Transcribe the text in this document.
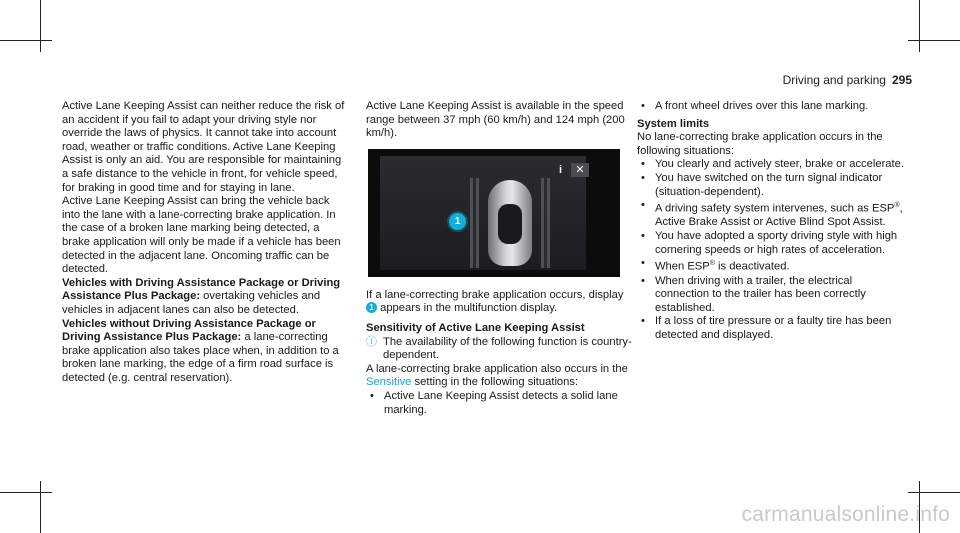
Driving and parking 295

Active Lane Keeping Assist can neither reduce the risk of an accident if you fail to adapt your driving style nor override the laws of physics. It cannot take into account road, weather or traffic conditions. Active Lane Keeping Assist is only an aid. You are responsible for maintaining a safe distance to the vehicle in front, for vehicle speed, for braking in good time and for staying in lane.

Active Lane Keeping Assist can bring the vehicle back into the lane with a lane-correcting brake application. In the case of a broken lane marking being detected, a brake application will only be made if a vehicle has been detected in the adjacent lane. Oncoming traffic can be detected.

Vehicles with Driving Assistance Package or Driving Assistance Plus Package: overtaking vehicles and vehicles in adjacent lanes can also be detected.

Vehicles without Driving Assistance Package or Driving Assistance Plus Package: a lane-correcting brake application also takes place when, in addition to a broken lane marking, the edge of a firm road surface is detected (e.g. central reservation).

Active Lane Keeping Assist is available in the speed range between 37 mph (60 km/h) and 124 mph (200 km/h).

1
i	✕

If a lane-correcting brake application occurs, display 1 appears in the multifunction display.

Sensitivity of Active Lane Keeping Assist

ⓘ The availability of the following function is country-dependent.

A lane-correcting brake application also occurs in the Sensitive setting in the following situations:

• Active Lane Keeping Assist detects a solid lane marking.
• A front wheel drives over this lane marking.

System limits

No lane-correcting brake application occurs in the following situations:

• You clearly and actively steer, brake or accelerate.
• You have switched on the turn signal indicator (situation-dependent).
• A driving safety system intervenes, such as ESP®, Active Brake Assist or Active Blind Spot Assist.
• You have adopted a sporty driving style with high cornering speeds or high rates of acceleration.
• When ESP® is deactivated.
• When driving with a trailer, the electrical connection to the trailer has been correctly established.
• If a loss of tire pressure or a faulty tire has been detected and displayed.
carmanualsonline.info
